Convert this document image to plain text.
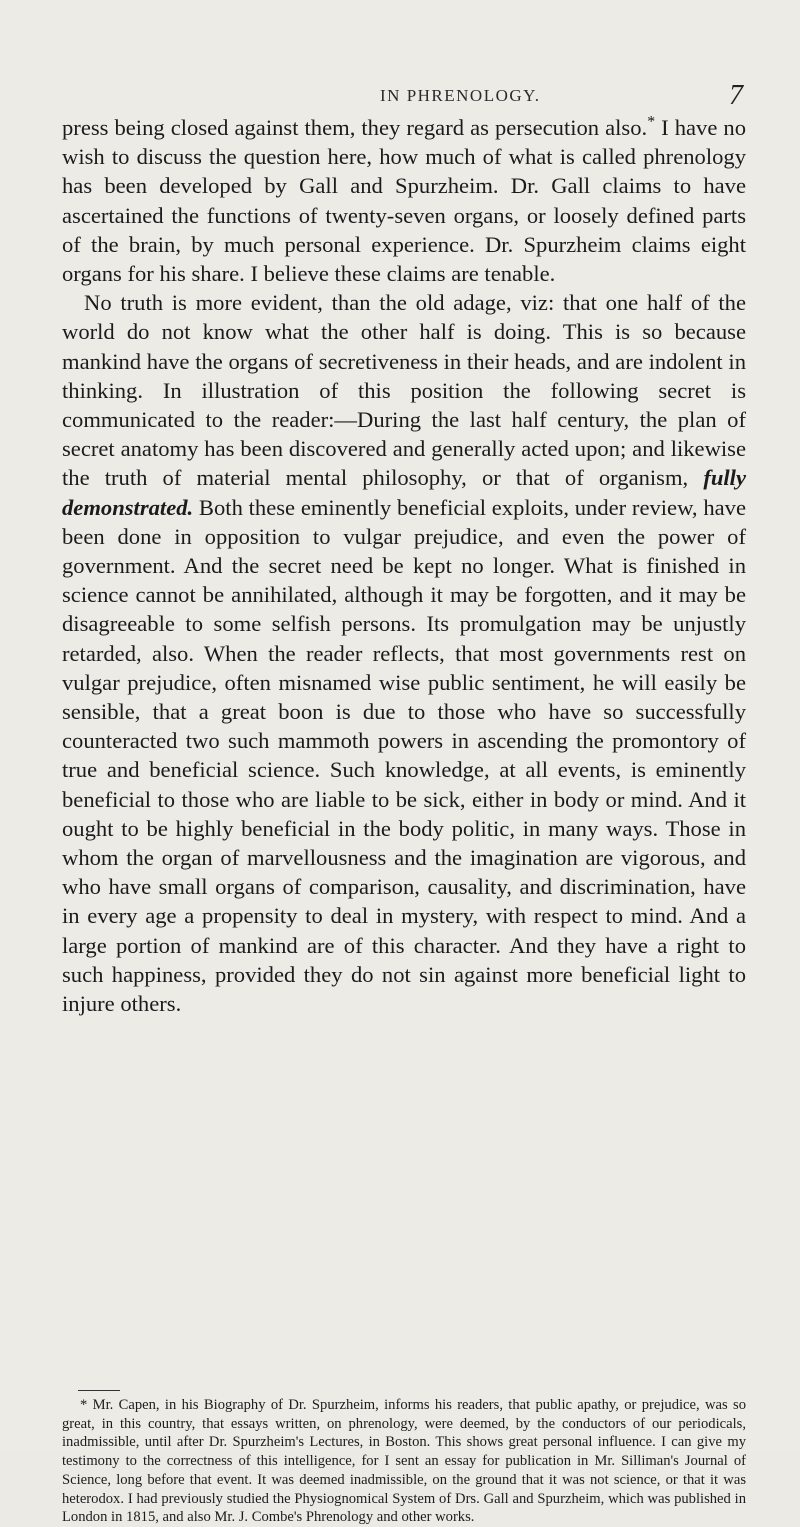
IN PHRENOLOGY.	7

press being closed against them, they regard as persecution also.* I have no wish to discuss the question here, how much of what is called phrenology has been developed by Gall and Spurzheim. Dr. Gall claims to have ascertained the functions of twenty-seven organs, or loosely defined parts of the brain, by much personal experience. Dr. Spurzheim claims eight organs for his share. I believe these claims are tenable.

No truth is more evident, than the old adage, viz: that one half of the world do not know what the other half is doing. This is so because mankind have the organs of secretiveness in their heads, and are indolent in thinking. In illustration of this position the following secret is communicated to the reader:—During the last half century, the plan of secret anatomy has been discovered and generally acted upon; and likewise the truth of material mental philosophy, or that of organism, fully demonstrated. Both these eminently beneficial exploits, under review, have been done in opposition to vulgar prejudice, and even the power of government. And the secret need be kept no longer. What is finished in science cannot be annihilated, although it may be forgotten, and it may be disagreeable to some selfish persons. Its promulgation may be unjustly retarded, also. When the reader reflects, that most governments rest on vulgar prejudice, often misnamed wise public sentiment, he will easily be sensible, that a great boon is due to those who have so successfully counteracted two such mammoth powers in ascending the promontory of true and beneficial science. Such knowledge, at all events, is eminently beneficial to those who are liable to be sick, either in body or mind. And it ought to be highly beneficial in the body politic, in many ways. Those in whom the organ of marvellousness and the imagination are vigorous, and who have small organs of comparison, causality, and discrimination, have in every age a propensity to deal in mystery, with respect to mind. And a large portion of mankind are of this character. And they have a right to such happiness, provided they do not sin against more beneficial light to injure others.

* Mr. Capen, in his Biography of Dr. Spurzheim, informs his readers, that public apathy, or prejudice, was so great, in this country, that essays written, on phrenology, were deemed, by the conductors of our periodicals, inadmissible, until after Dr. Spurzheim's Lectures, in Boston. This shows great personal influence. I can give my testimony to the correctness of this intelligence, for I sent an essay for publication in Mr. Silliman's Journal of Science, long before that event. It was deemed inadmissible, on the ground that it was not science, or that it was heterodox. I had previously studied the Physiognomical System of Drs. Gall and Spurzheim, which was published in London in 1815, and also Mr. J. Combe's Phrenology and other works.
